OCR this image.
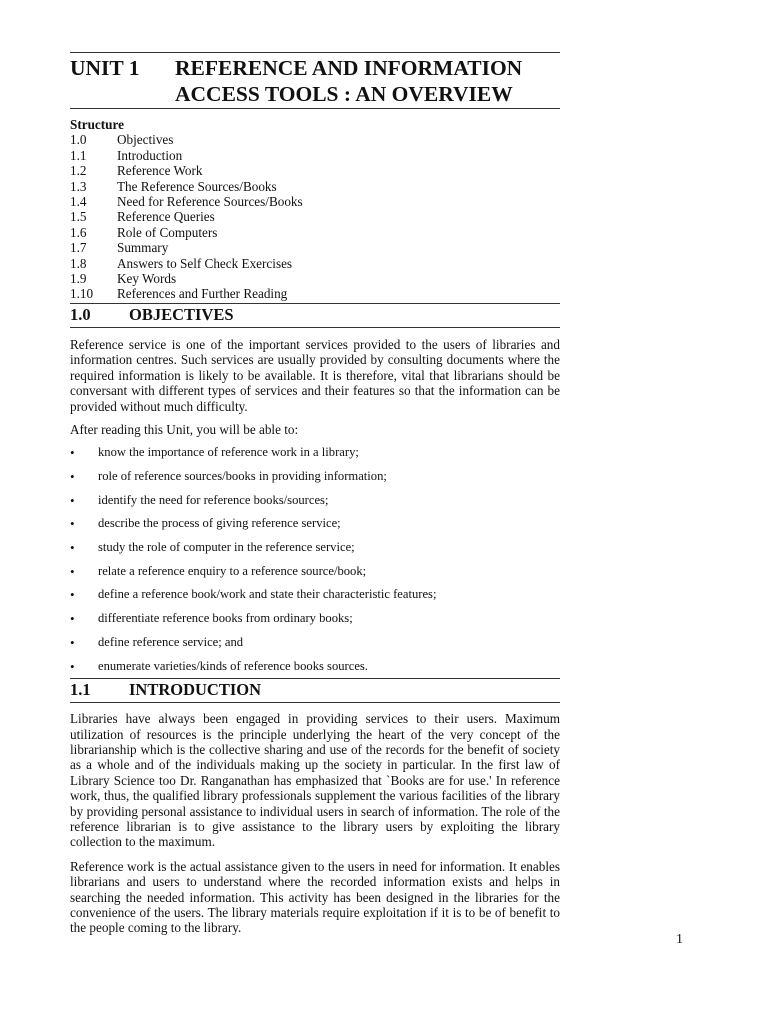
UNIT 1	REFERENCE AND INFORMATION
ACCESS TOOLS : AN OVERVIEW
Structure
1.0	Objectives
1.1	Introduction
1.2	Reference Work
1.3	The Reference Sources/Books
1.4	Need for Reference Sources/Books
1.5	Reference Queries
1.6	Role of Computers
1.7	Summary
1.8	Answers to Self Check Exercises
1.9	Key Words
1.10	References and Further Reading
1.0	OBJECTIVES

Reference service is one of the important services provided to the users of libraries and information centres. Such services are usually provided by consulting documents where the required information is likely to be available. It is therefore, vital that librarians should be conversant with different types of services and their features so that the information can be provided without much difficulty.

After reading this Unit, you will be able to:

•	know the importance of reference work in a library;
•	role of reference sources/books in providing information;
•	identify the need for reference books/sources;
•	describe the process of giving reference service;
•	study the role of computer in the reference service;
•	relate a reference enquiry to a reference source/book;
•	define a reference book/work and state their characteristic features;
•	differentiate reference books from ordinary books;
•	define reference service; and
•	enumerate varieties/kinds of reference books sources.
1.1	INTRODUCTION

Libraries have always been engaged in providing services to their users. Maximum utilization of resources is the principle underlying the heart of the very concept of the librarianship which is the collective sharing and use of the records for the benefit of society as a whole and of the individuals making up the society in particular. In the first law of Library Science too Dr. Ranganathan has emphasized that `Books are for use.' In reference work, thus, the qualified library professionals supplement the various facilities of the library by providing personal assistance to individual users in search of information. The role of the reference librarian is to give assistance to the library users by exploiting the library collection to the maximum.

Reference work is the actual assistance given to the users in need for information. It enables librarians and users to understand where the recorded information exists and helps in searching the needed information. This activity has been designed in the libraries for the convenience of the users. The library materials require exploitation if it is to be of benefit to the people coming to the library.

1
